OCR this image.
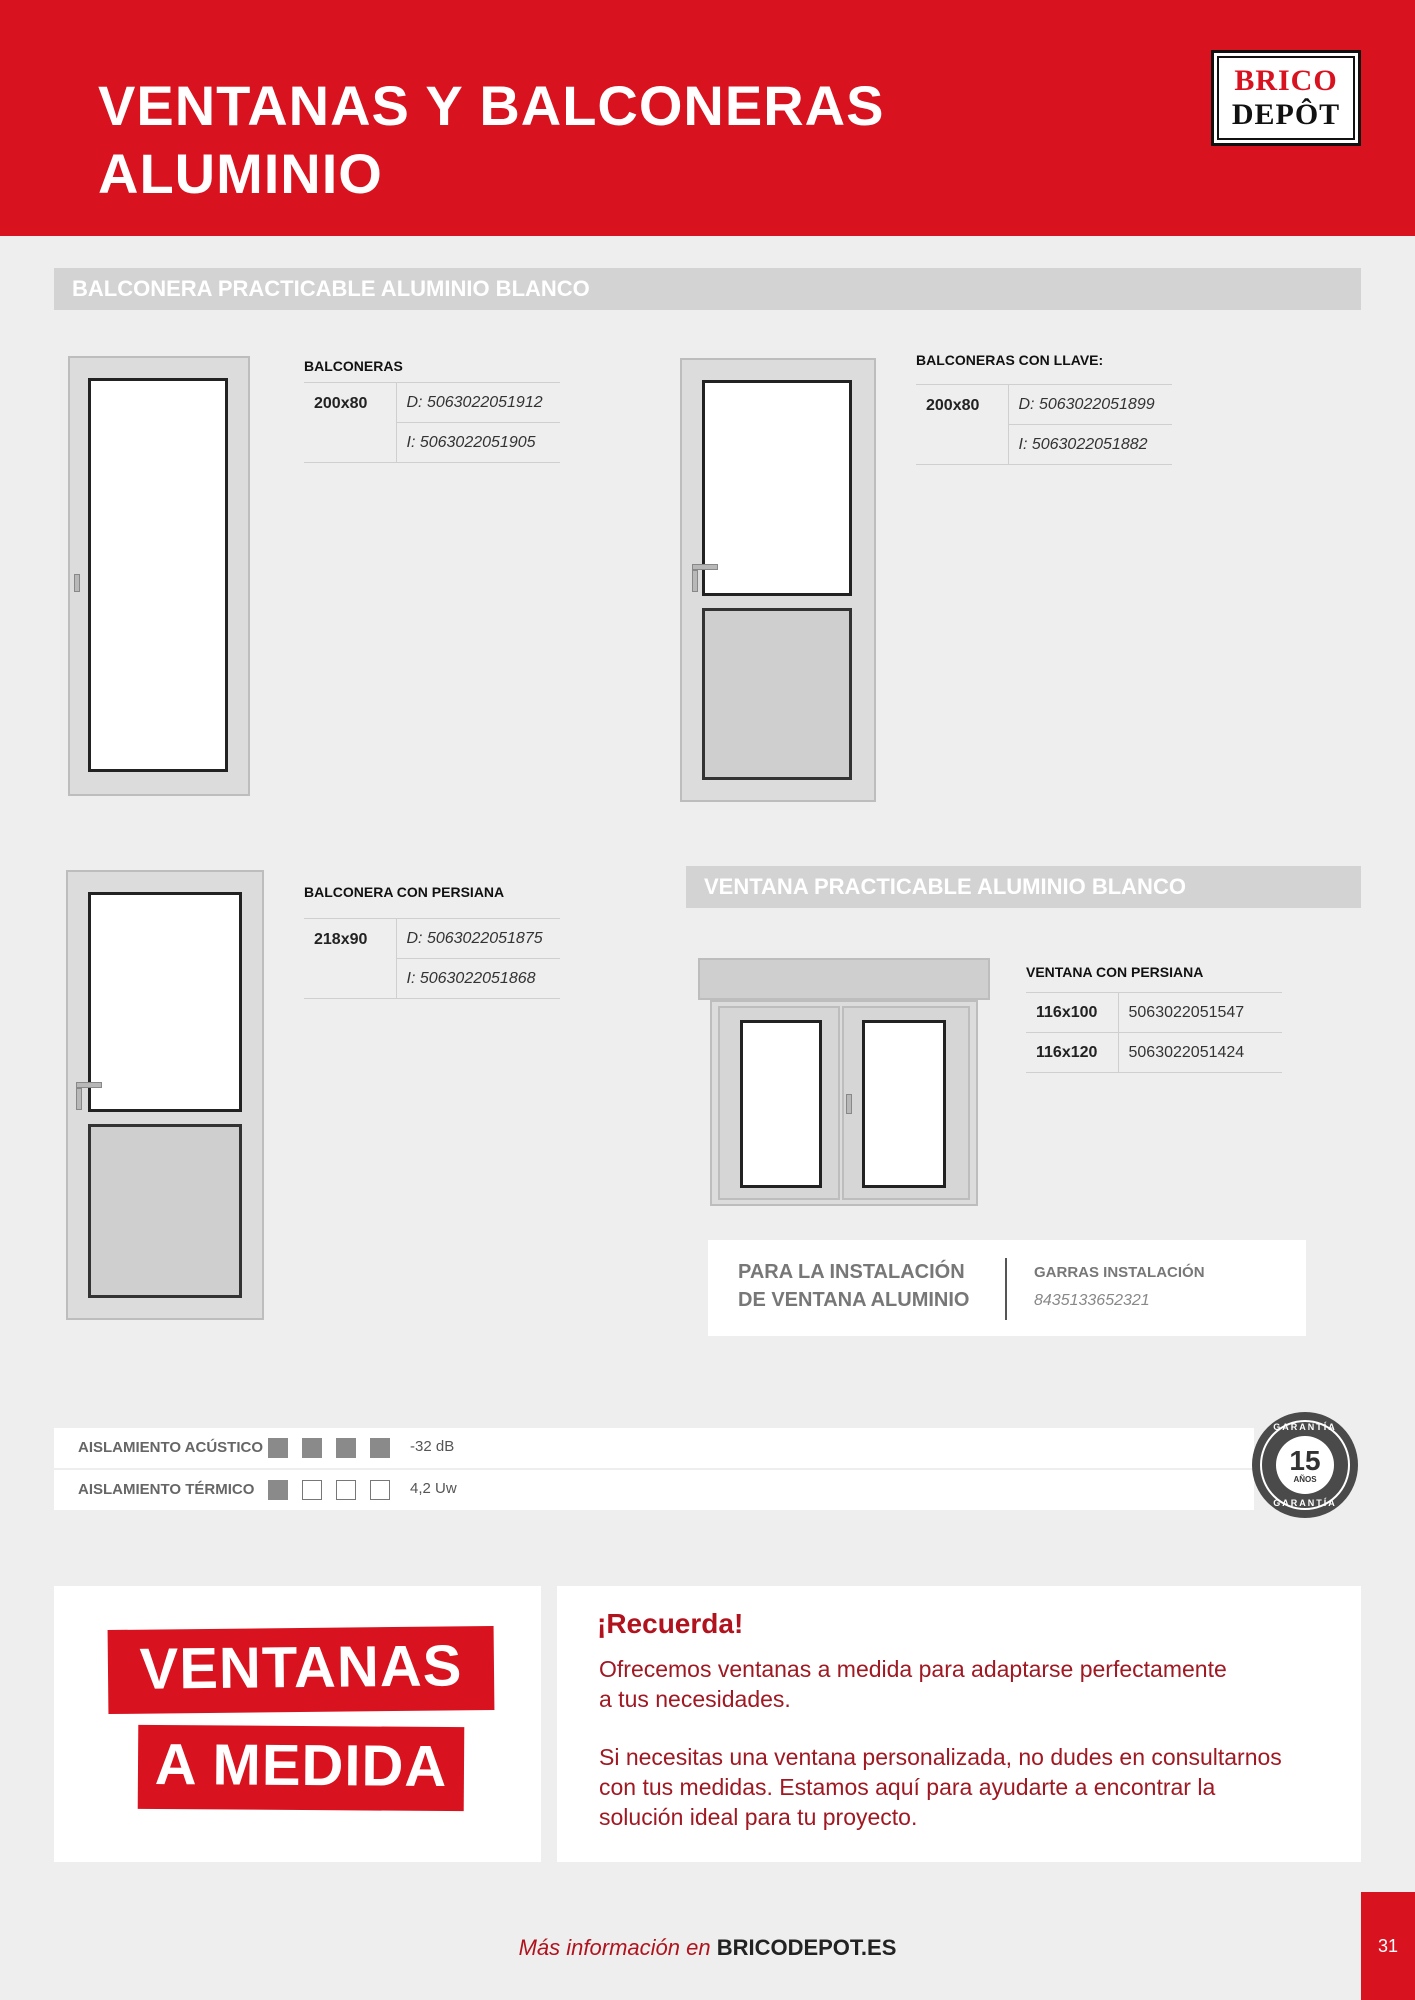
VENTANAS Y BALCONERAS
ALUMINIO
BRICO
DEPÔT
BALCONERA PRACTICABLE ALUMINIO BLANCO
BALCONERAS
200x80	D: 5063022051912
I: 5063022051905
BALCONERAS CON LLAVE:
200x80	D: 5063022051899
I: 5063022051882
BALCONERA CON PERSIANA
218x90	D: 5063022051875
I: 5063022051868
VENTANA PRACTICABLE ALUMINIO BLANCO
VENTANA CON PERSIANA
116x100	5063022051547
116x120	5063022051424
PARA LA INSTALACIÓN
DE VENTANA ALUMINIO
GARRAS INSTALACIÓN
8435133652321
AISLAMIENTO ACÚSTICO	-32 dB
AISLAMIENTO TÉRMICO	4,2 Uw
GARANTÍA
15
AÑOS
GARANTÍA
VENTANAS
A MEDIDA
¡Recuerda!
Ofrecemos ventanas a medida para adaptarse perfectamente
a tus necesidades.
Si necesitas una ventana personalizada, no dudes en consultarnos
con tus medidas. Estamos aquí para ayudarte a encontrar la
solución ideal para tu proyecto.
Más información en BRICODEPOT.ES	31
